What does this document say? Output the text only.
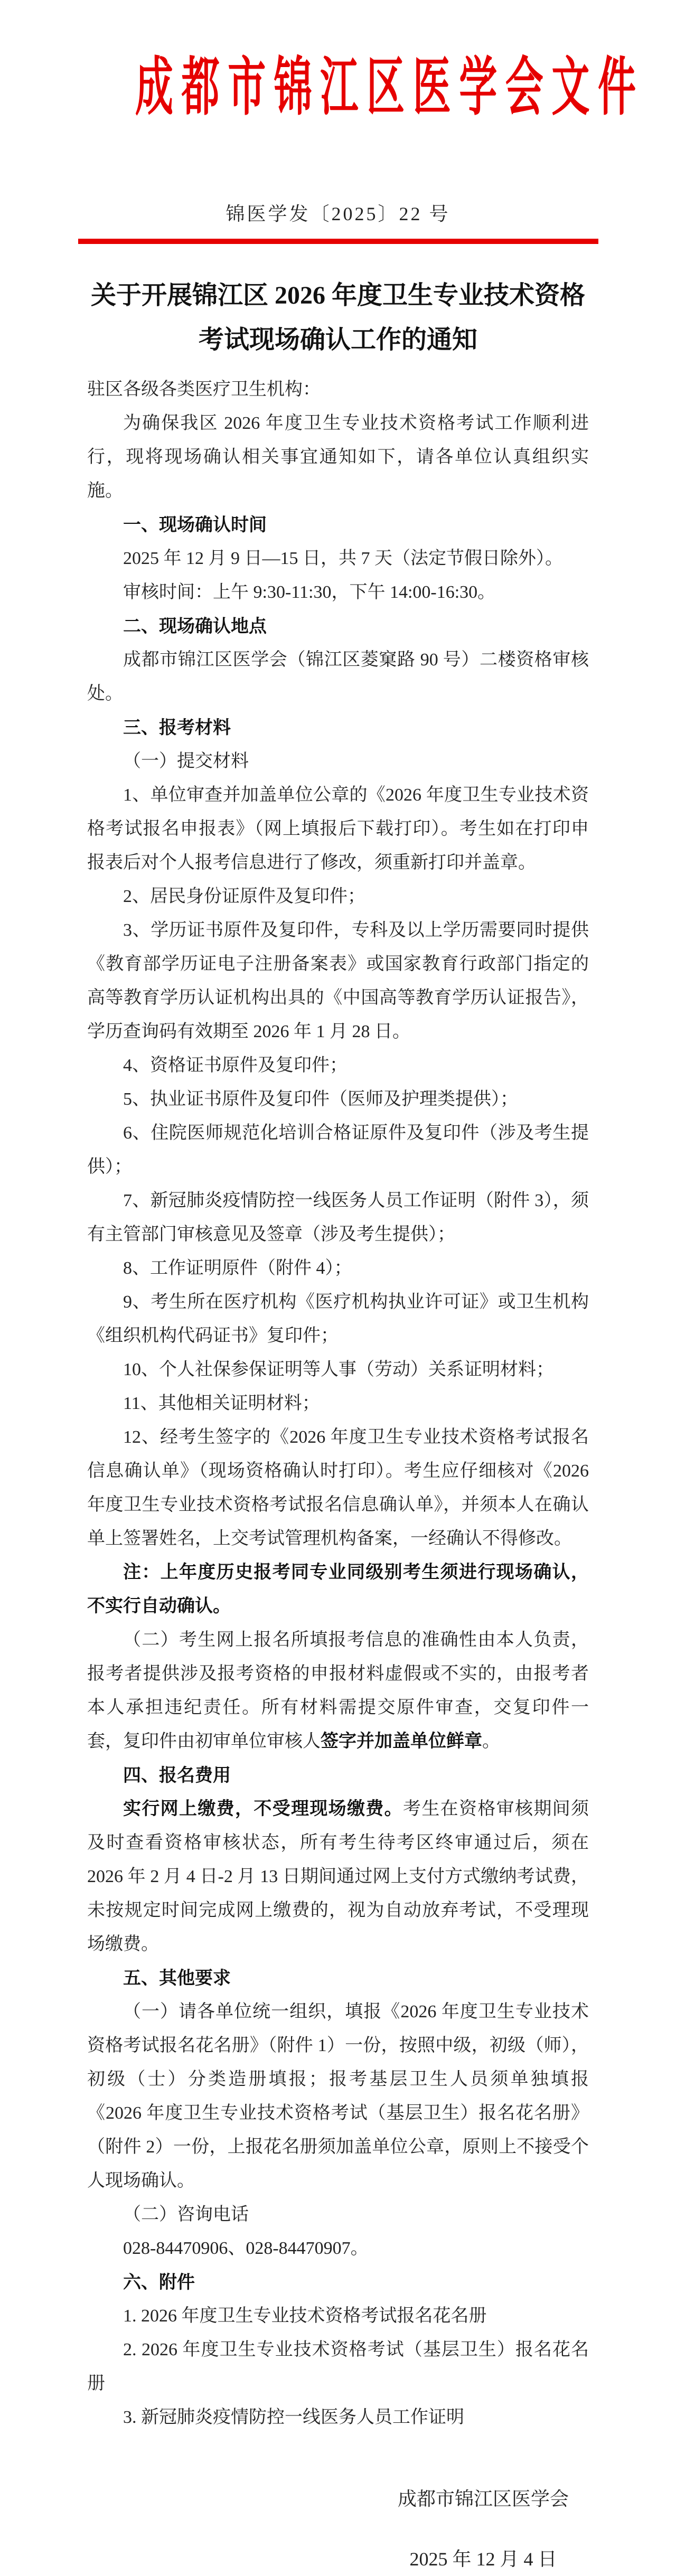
成都市锦江区医学会文件
锦医学发〔2025〕22 号
关于开展锦江区 2026 年度卫生专业技术资格
考试现场确认工作的通知

驻区各级各类医疗卫生机构：

为确保我区 2026 年度卫生专业技术资格考试工作顺利进行，现将现场确认相关事宜通知如下，请各单位认真组织实施。

一、现场确认时间

2025 年 12 月 9 日—15 日，共 7 天（法定节假日除外）。

审核时间：上午 9:30-11:30，下午 14:00-16:30。

二、现场确认地点

成都市锦江区医学会（锦江区菱窠路 90 号）二楼资格审核处。

三、报考材料

（一）提交材料

1、单位审查并加盖单位公章的《2026 年度卫生专业技术资格考试报名申报表》（网上填报后下载打印）。考生如在打印申报表后对个人报考信息进行了修改，须重新打印并盖章。

2、居民身份证原件及复印件；

3、学历证书原件及复印件，专科及以上学历需要同时提供《教育部学历证电子注册备案表》或国家教育行政部门指定的高等教育学历认证机构出具的《中国高等教育学历认证报告》，学历查询码有效期至 2026 年 1 月 28 日。

4、资格证书原件及复印件；

5、执业证书原件及复印件（医师及护理类提供）；

6、住院医师规范化培训合格证原件及复印件（涉及考生提供）；

7、新冠肺炎疫情防控一线医务人员工作证明（附件 3），须有主管部门审核意见及签章（涉及考生提供）；

8、工作证明原件（附件 4）；

9、考生所在医疗机构《医疗机构执业许可证》或卫生机构《组织机构代码证书》复印件；

10、个人社保参保证明等人事（劳动）关系证明材料；

11、其他相关证明材料；

12、经考生签字的《2026 年度卫生专业技术资格考试报名信息确认单》（现场资格确认时打印）。考生应仔细核对《2026 年度卫生专业技术资格考试报名信息确认单》，并须本人在确认单上签署姓名，上交考试管理机构备案，一经确认不得修改。

注：上年度历史报考同专业同级别考生须进行现场确认，不实行自动确认。

（二）考生网上报名所填报考信息的准确性由本人负责，报考者提供涉及报考资格的申报材料虚假或不实的，由报考者本人承担违纪责任。所有材料需提交原件审查，交复印件一套，复印件由初审单位审核人签字并加盖单位鲜章。

四、报名费用

实行网上缴费，不受理现场缴费。考生在资格审核期间须及时查看资格审核状态，所有考生待考区终审通过后，须在 2026 年 2 月 4 日-2 月 13 日期间通过网上支付方式缴纳考试费，未按规定时间完成网上缴费的，视为自动放弃考试，不受理现场缴费。

五、其他要求

（一）请各单位统一组织，填报《2026 年度卫生专业技术资格考试报名花名册》（附件 1）一份，按照中级，初级（师），初级（士）分类造册填报；报考基层卫生人员须单独填报《2026 年度卫生专业技术资格考试（基层卫生）报名花名册》（附件 2）一份，上报花名册须加盖单位公章，原则上不接受个人现场确认。

（二）咨询电话

028-84470906、028-84470907。

六、附件

1. 2026 年度卫生专业技术资格考试报名花名册

2. 2026 年度卫生专业技术资格考试（基层卫生）报名花名册

3. 新冠肺炎疫情防控一线医务人员工作证明

成都市锦江区医学会
2025 年 12 月 4 日
